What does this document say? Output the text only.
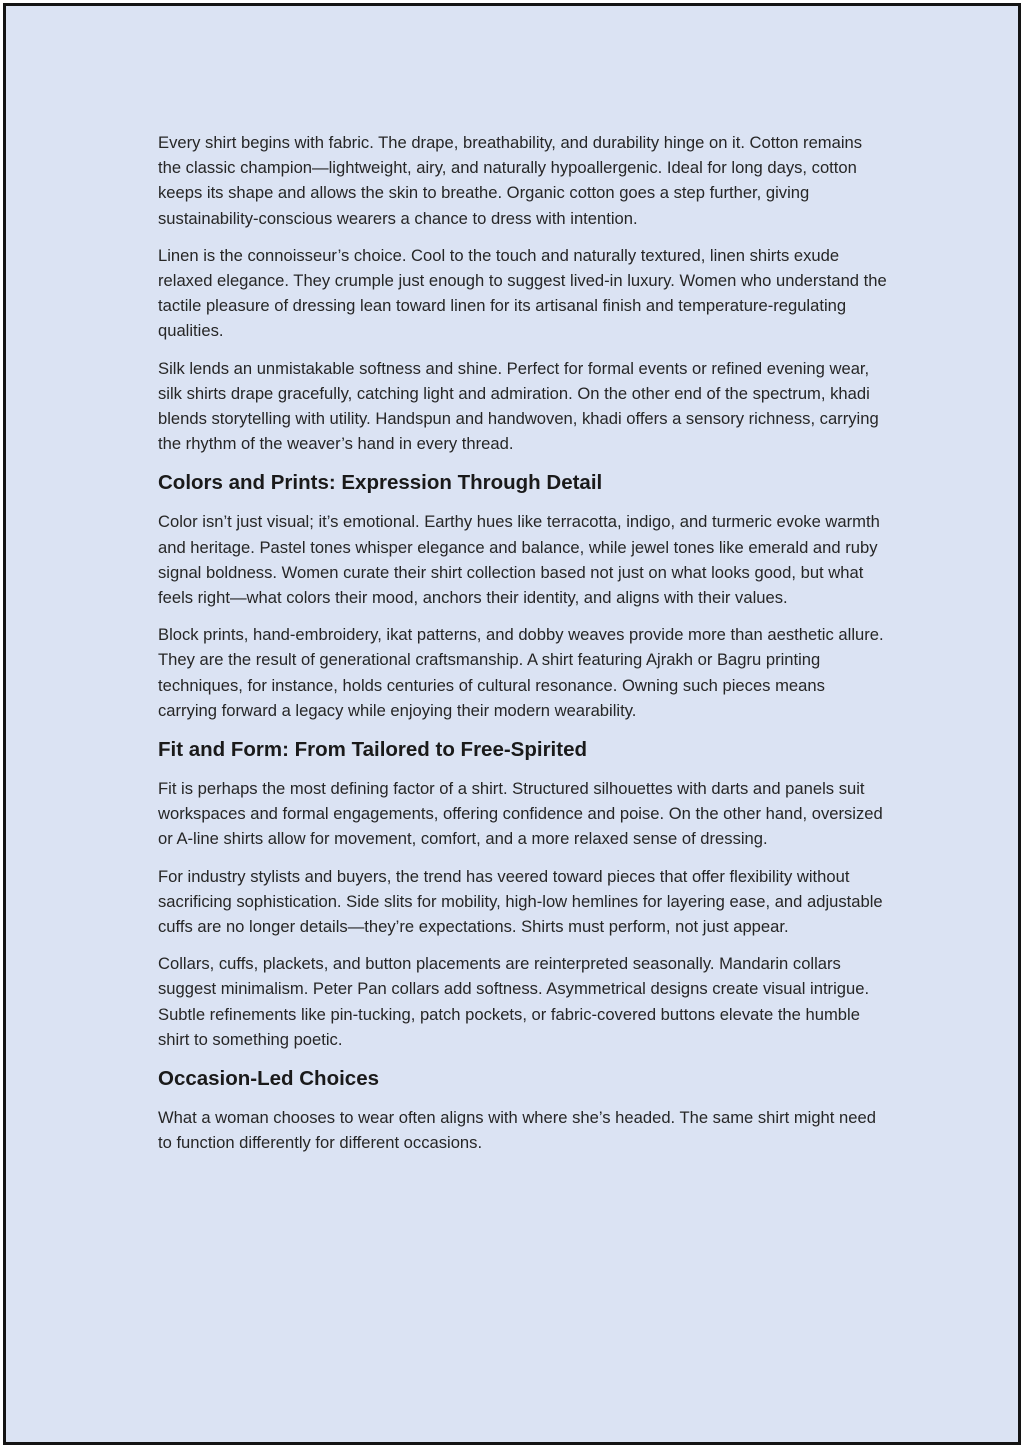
Every shirt begins with fabric. The drape, breathability, and durability hinge on it. Cotton remains the classic champion—lightweight, airy, and naturally hypoallergenic. Ideal for long days, cotton keeps its shape and allows the skin to breathe. Organic cotton goes a step further, giving sustainability-conscious wearers a chance to dress with intention.

Linen is the connoisseur’s choice. Cool to the touch and naturally textured, linen shirts exude relaxed elegance. They crumple just enough to suggest lived-in luxury. Women who understand the tactile pleasure of dressing lean toward linen for its artisanal finish and temperature-regulating qualities.

Silk lends an unmistakable softness and shine. Perfect for formal events or refined evening wear, silk shirts drape gracefully, catching light and admiration. On the other end of the spectrum, khadi blends storytelling with utility. Handspun and handwoven, khadi offers a sensory richness, carrying the rhythm of the weaver’s hand in every thread.

Colors and Prints: Expression Through Detail

Color isn’t just visual; it’s emotional. Earthy hues like terracotta, indigo, and turmeric evoke warmth and heritage. Pastel tones whisper elegance and balance, while jewel tones like emerald and ruby signal boldness. Women curate their shirt collection based not just on what looks good, but what feels right—what colors their mood, anchors their identity, and aligns with their values.

Block prints, hand-embroidery, ikat patterns, and dobby weaves provide more than aesthetic allure. They are the result of generational craftsmanship. A shirt featuring Ajrakh or Bagru printing techniques, for instance, holds centuries of cultural resonance. Owning such pieces means carrying forward a legacy while enjoying their modern wearability.

Fit and Form: From Tailored to Free-Spirited

Fit is perhaps the most defining factor of a shirt. Structured silhouettes with darts and panels suit workspaces and formal engagements, offering confidence and poise. On the other hand, oversized or A-line shirts allow for movement, comfort, and a more relaxed sense of dressing.

For industry stylists and buyers, the trend has veered toward pieces that offer flexibility without sacrificing sophistication. Side slits for mobility, high-low hemlines for layering ease, and adjustable cuffs are no longer details—they’re expectations. Shirts must perform, not just appear.

Collars, cuffs, plackets, and button placements are reinterpreted seasonally. Mandarin collars suggest minimalism. Peter Pan collars add softness. Asymmetrical designs create visual intrigue. Subtle refinements like pin-tucking, patch pockets, or fabric-covered buttons elevate the humble shirt to something poetic.

Occasion-Led Choices

What a woman chooses to wear often aligns with where she’s headed. The same shirt might need to function differently for different occasions.
